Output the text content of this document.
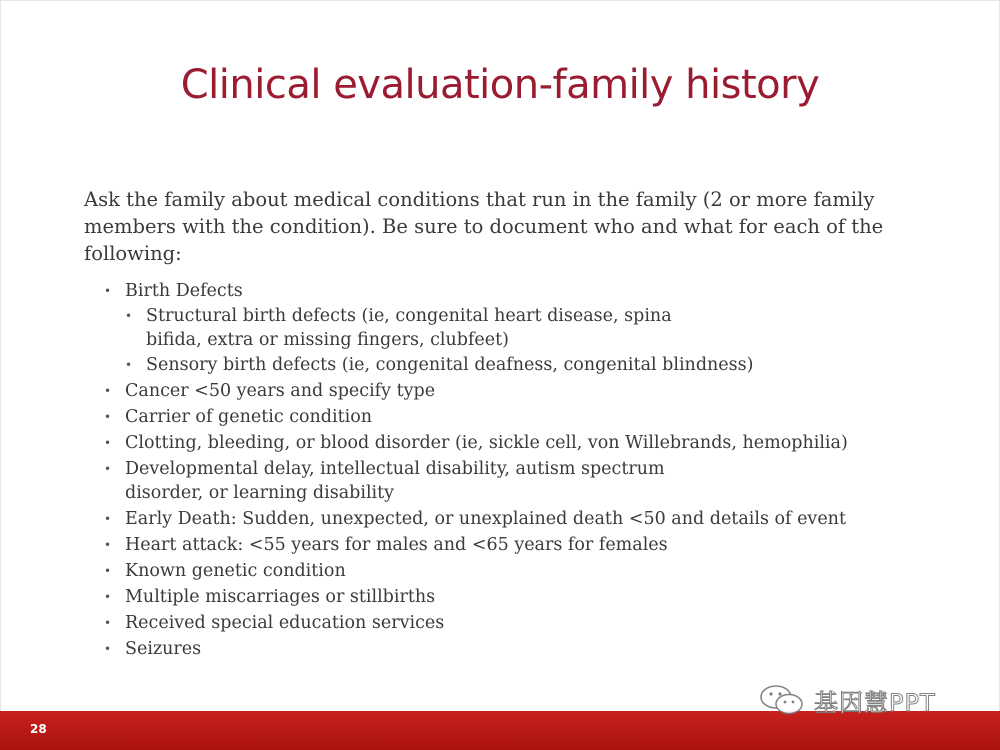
Clinical evaluation-family history

Ask the family about medical conditions that run in the family (2 or more family members with the condition). Be sure to document who and what for each of the following:

• Birth Defects
• Structural birth defects (ie, congenital heart disease, spina bifida, extra or missing fingers, clubfeet)
• Sensory birth defects (ie, congenital deafness, congenital blindness)
• Cancer <50 years and specify type
• Carrier of genetic condition
• Clotting, bleeding, or blood disorder (ie, sickle cell, von Willebrands, hemophilia)
• Developmental delay, intellectual disability, autism spectrum disorder, or learning disability
• Early Death: Sudden, unexpected, or unexplained death <50 and details of event
• Heart attack: <55 years for males and <65 years for females
• Known genetic condition
• Multiple miscarriages or stillbirths
• Received special education services
• Seizures
28
基因慧PPT
